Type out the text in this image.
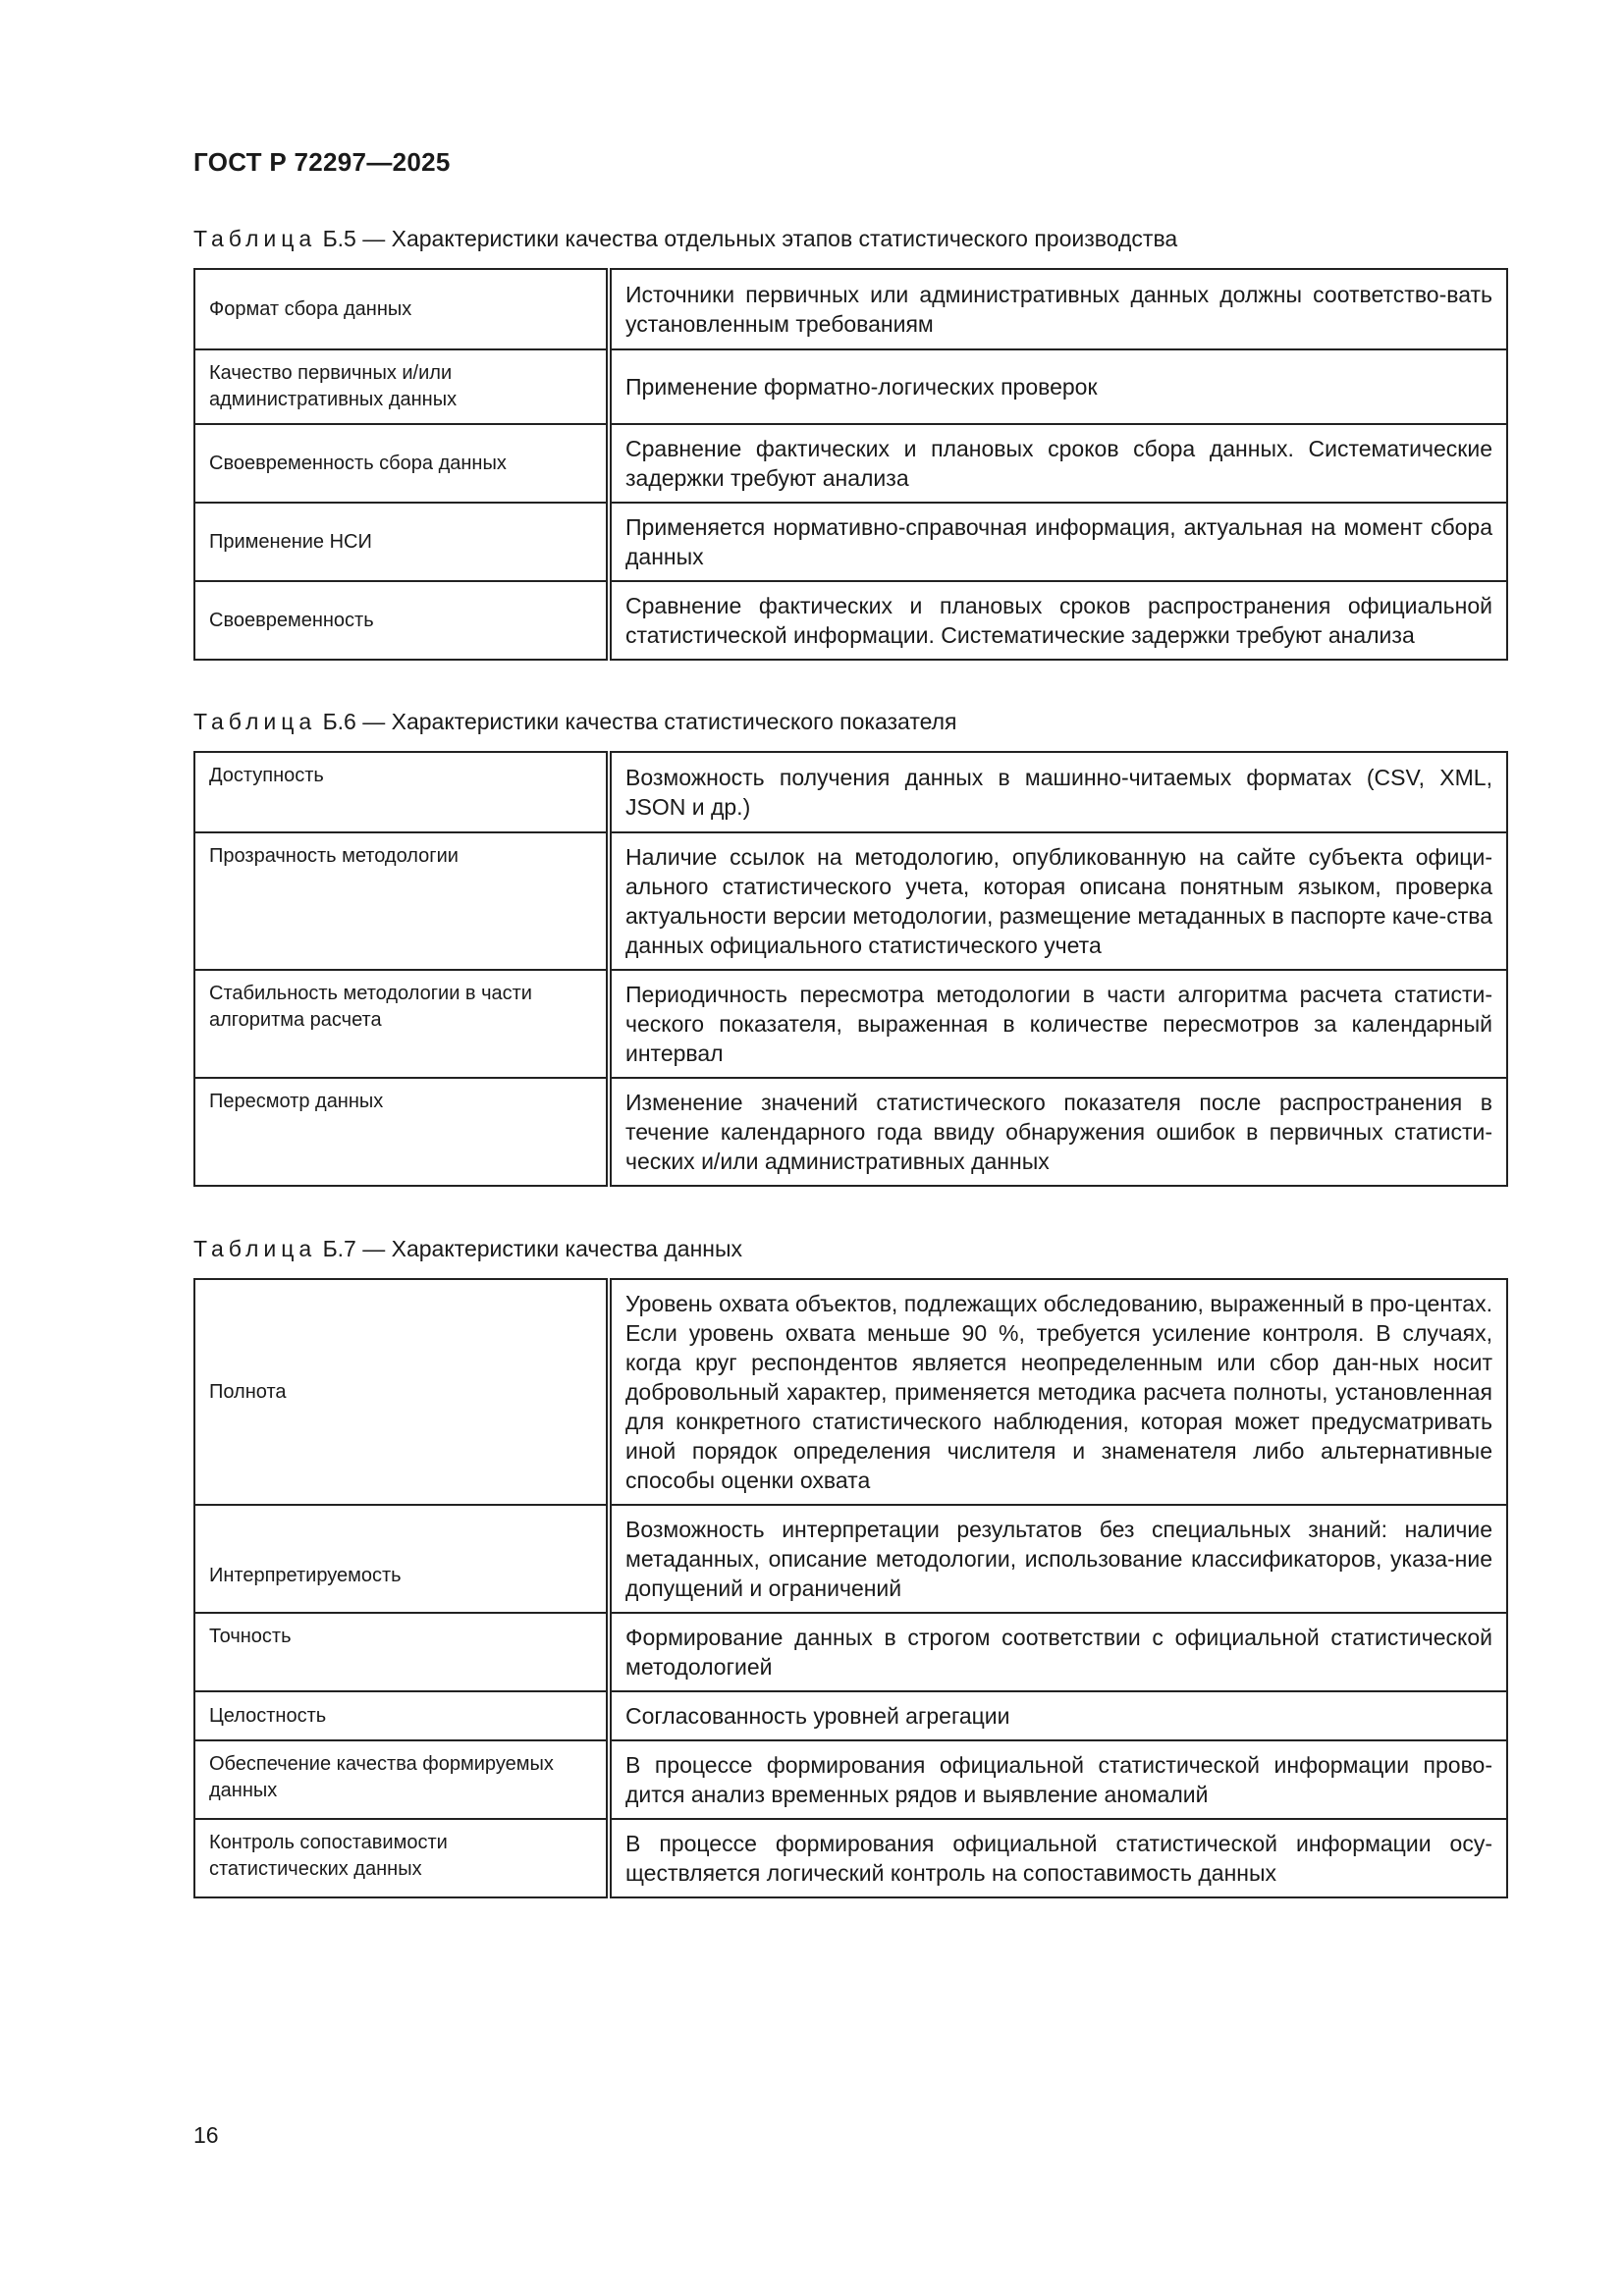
ГОСТ Р 72297—2025
Таблица Б.5 — Характеристики качества отдельных этапов статистического производства
Формат сбора данных	Источники первичных или административных данных должны соответство-вать установленным требованиям
Качество первичных и/или административных данных	Применение форматно-логических проверок
Своевременность сбора данных	Сравнение фактических и плановых сроков сбора данных. Систематические задержки требуют анализа
Применение НСИ	Применяется нормативно-справочная информация, актуальная на момент сбора данных
Своевременность	Сравнение фактических и плановых сроков распространения официальной статистической информации. Систематические задержки требуют анализа
Таблица Б.6 — Характеристики качества статистического показателя
Доступность	Возможность получения данных в машинно-читаемых форматах (CSV, XML, JSON и др.)
Прозрачность методологии	Наличие ссылок на методологию, опубликованную на сайте субъекта офици-ального статистического учета, которая описана понятным языком, проверка актуальности версии методологии, размещение метаданных в паспорте каче-ства данных официального статистического учета
Стабильность методологии в части алгоритма расчета	Периодичность пересмотра методологии в части алгоритма расчета статисти-ческого показателя, выраженная в количестве пересмотров за календарный интервал
Пересмотр данных	Изменение значений статистического показателя после распространения в течение календарного года ввиду обнаружения ошибок в первичных статисти-ческих и/или административных данных
Таблица Б.7 — Характеристики качества данных
Полнота	Уровень охвата объектов, подлежащих обследованию, выраженный в про-центах. Если уровень охвата меньше 90 %, требуется усиление контроля. В случаях, когда круг респондентов является неопределенным или сбор дан-ных носит добровольный характер, применяется методика расчета полноты, установленная для конкретного статистического наблюдения, которая может предусматривать иной порядок определения числителя и знаменателя либо альтернативные способы оценки охвата
Интерпретируемость	Возможность интерпретации результатов без специальных знаний: наличие метаданных, описание методологии, использование классификаторов, указа-ние допущений и ограничений
Точность	Формирование данных в строгом соответствии с официальной статистической методологией
Целостность	Согласованность уровней агрегации
Обеспечение качества формируемых данных	В процессе формирования официальной статистической информации прово-дится анализ временных рядов и выявление аномалий
Контроль сопоставимости статистических данных	В процессе формирования официальной статистической информации осу-ществляется логический контроль на сопоставимость данных
16
